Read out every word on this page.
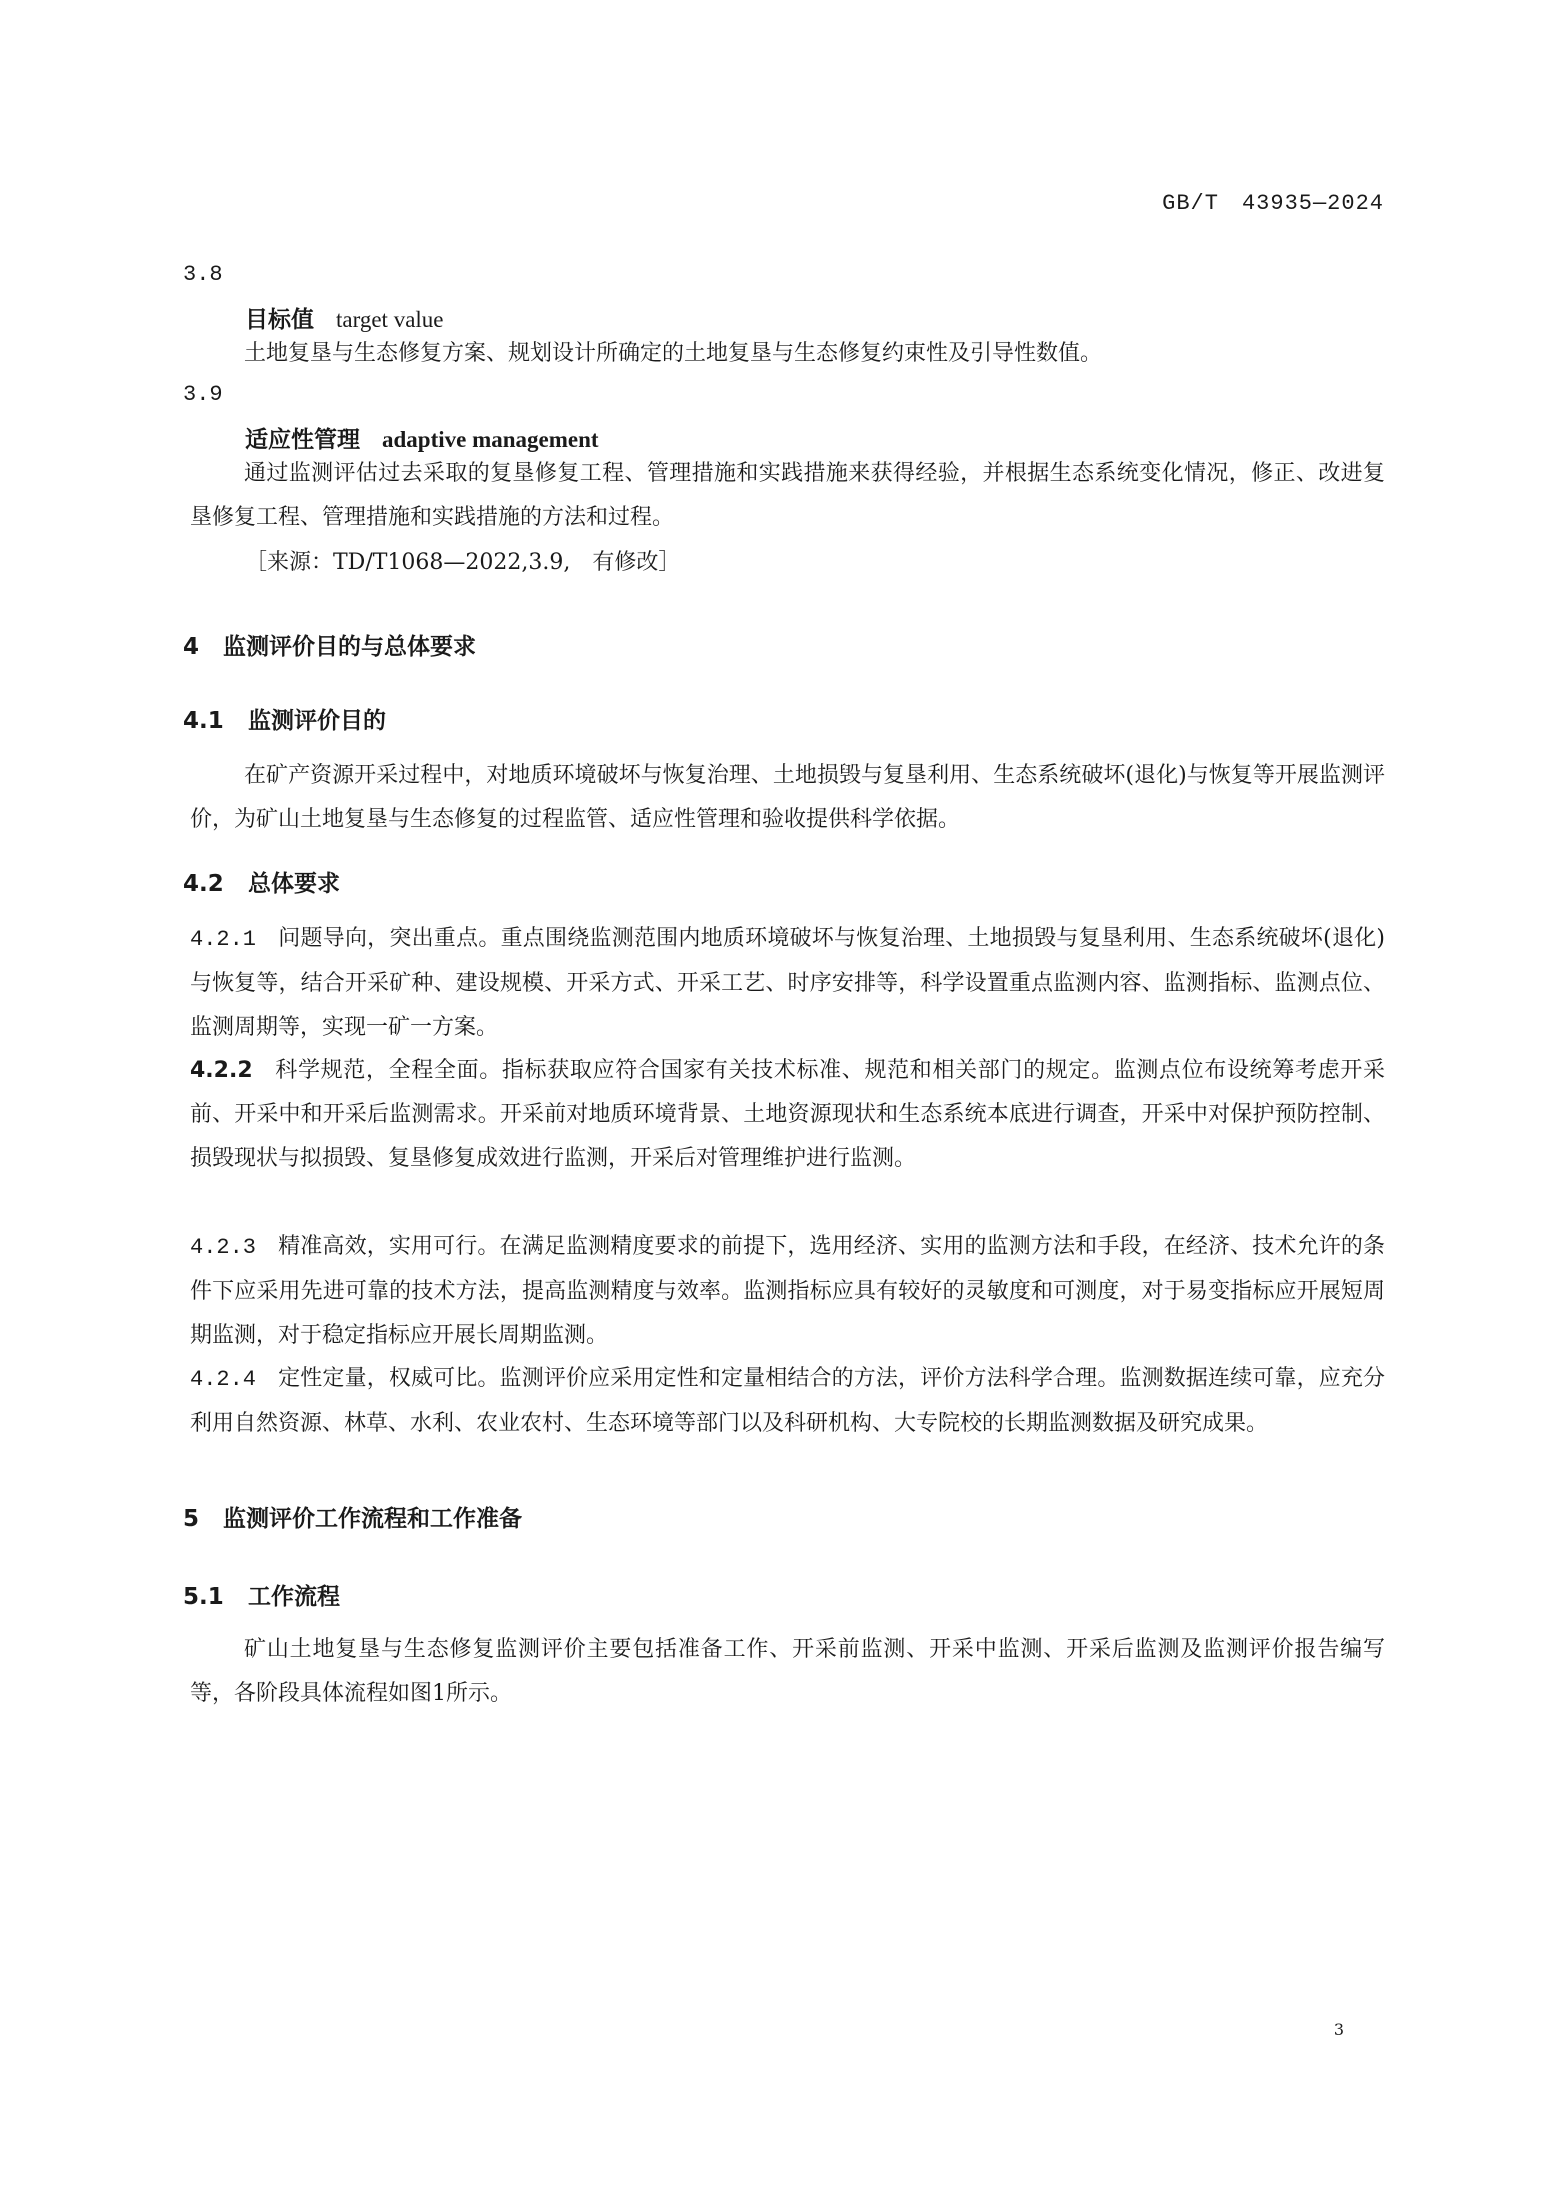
GB/T　43935—2024
3.8
目标值 target value
土地复垦与生态修复方案、规划设计所确定的土地复垦与生态修复约束性及引导性数值。
3.9
适应性管理 adaptive management
通过监测评估过去采取的复垦修复工程、管理措施和实践措施来获得经验，并根据生态系统变化情况，修正、改进复垦修复工程、管理措施和实践措施的方法和过程。
［来源：TD/T1068—2022,3.9,　有修改］
4 监测评价目的与总体要求
4.1 监测评价目的
在矿产资源开采过程中，对地质环境破坏与恢复治理、土地损毁与复垦利用、生态系统破坏(退化)与恢复等开展监测评价，为矿山土地复垦与生态修复的过程监管、适应性管理和验收提供科学依据。
4.2 总体要求
4.2.1 问题导向，突出重点。重点围绕监测范围内地质环境破坏与恢复治理、土地损毁与复垦利用、生态系统破坏(退化)与恢复等，结合开采矿种、建设规模、开采方式、开采工艺、时序安排等，科学设置重点监测内容、监测指标、监测点位、监测周期等，实现一矿一方案。
4.2.2 科学规范，全程全面。指标获取应符合国家有关技术标准、规范和相关部门的规定。监测点位布设统筹考虑开采前、开采中和开采后监测需求。开采前对地质环境背景、土地资源现状和生态系统本底进行调查，开采中对保护预防控制、损毁现状与拟损毁、复垦修复成效进行监测，开采后对管理维护进行监测。
4.2.3 精准高效，实用可行。在满足监测精度要求的前提下，选用经济、实用的监测方法和手段，在经济、技术允许的条件下应采用先进可靠的技术方法，提高监测精度与效率。监测指标应具有较好的灵敏度和可测度，对于易变指标应开展短周期监测，对于稳定指标应开展长周期监测。
4.2.4 定性定量，权威可比。监测评价应采用定性和定量相结合的方法，评价方法科学合理。监测数据连续可靠，应充分利用自然资源、林草、水利、农业农村、生态环境等部门以及科研机构、大专院校的长期监测数据及研究成果。
5 监测评价工作流程和工作准备
5.1 工作流程
矿山土地复垦与生态修复监测评价主要包括准备工作、开采前监测、开采中监测、开采后监测及监测评价报告编写等，各阶段具体流程如图1所示。
3
